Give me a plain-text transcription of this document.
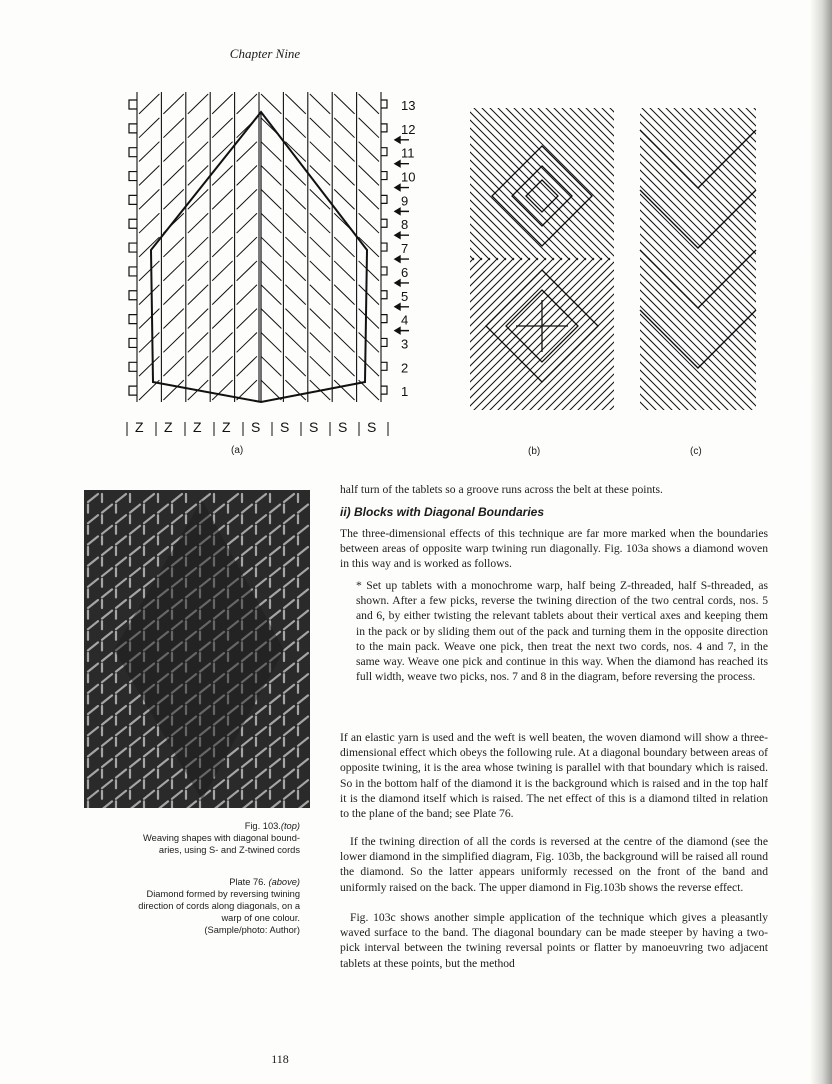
Chapter Nine
13
12
11
10
9
8
7
6
5
4
3
2
1
Z Z Z Z S S S S S
(a)	(b)	(c)
Fig. 103.(top)
Weaving shapes with diagonal bound-
aries, using S- and Z-twined cords
Plate 76. (above)
Diamond formed by reversing twining
direction of cords along diagonals, on a
warp of one colour.
(Sample/photo: Author)
half turn of the tablets so a groove runs across the belt at these points.
ii) Blocks with Diagonal Boundaries
The three-dimensional effects of this technique are far more marked when the boundaries between areas of opposite warp twining run diagonally. Fig. 103a shows a diamond woven in this way and is worked as follows.
* Set up tablets with a monochrome warp, half being Z-threaded, half S-threaded, as shown. After a few picks, reverse the twining direction of the two central cords, nos. 5 and 6, by either twisting the relevant tablets about their vertical axes and keeping them in the pack or by sliding them out of the pack and turning them in the opposite direction to the main pack. Weave one pick, then treat the next two cords, nos. 4 and 7, in the same way. Weave one pick and continue in this way. When the diamond has reached its full width, weave two picks, nos. 7 and 8 in the diagram, before reversing the process.
If an elastic yarn is used and the weft is well beaten, the woven diamond will show a three-dimensional effect which obeys the following rule. At a diagonal boundary between areas of opposite twining, it is the area whose twining is parallel with that boundary which is raised. So in the bottom half of the diamond it is the background which is raised and in the top half it is the diamond itself which is raised. The net effect of this is a diamond tilted in relation to the plane of the band; see Plate 76.
If the twining direction of all the cords is reversed at the centre of the diamond (see the lower diamond in the simplified diagram, Fig. 103b, the background will be raised all round the diamond. So the latter appears uniformly recessed on the front of the band and uniformly raised on the back. The upper diamond in Fig.103b shows the reverse effect.
Fig. 103c shows another simple application of the technique which gives a pleasantly waved surface to the band. The diagonal boundary can be made steeper by having a two-pick interval between the twining reversal points or flatter by manoeuvring two adjacent tablets at these points, but the method
118
